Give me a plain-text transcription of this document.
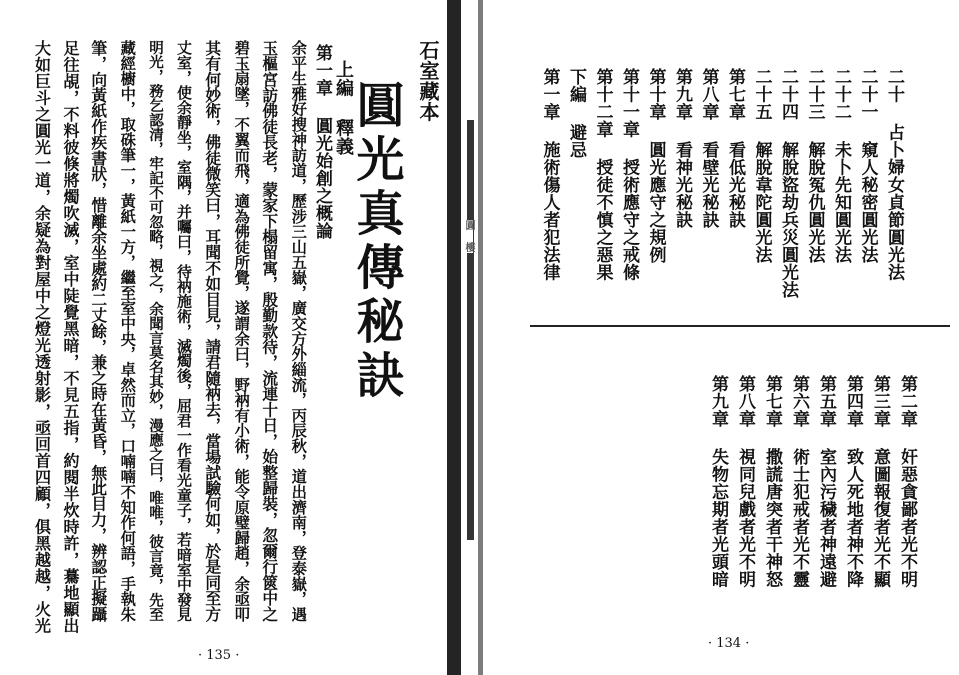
石室藏本
圓光真傳秘訣
上編 釋義
第一章 圓光始創之概論
余平生雅好搜神訪道，歷涉三山五嶽，廣交方外緇流，丙辰秋，道出濟南，登泰嶽，遇
玉樞宮訪佛徒長老，蒙家下榻留寓，殷勤款待，流連十日，始整歸裝，忽爾行篋中之
碧玉扇墜，不翼而飛，適為佛徒所覺，遂謂余曰，野衲有小術，能令原璧歸趙，余亟叩
其有何妙術，佛徒微笑曰，耳聞不如目見，請君隨衲去，當場試驗何如，於是同至方
丈室，使余靜坐，室隅，并囑曰，待衲施術，滅燭後，屈君一作看光童子，若暗室中發見
明光，務乞認清，牢記不可忽略，視之，余聞言莫名其妙，漫應之曰，唯唯，彼言竟，先至
藏經櫥中，取硃筆一，黃紙一方，繼至室中央，卓然而立，口喃喃不知作何語，手執朱
筆，向黃紙作疾書狀，惜離余坐處約二丈餘，兼之時在黃昏，無此目力，辨認正擬躡
足往覘，不料彼倏將燭吹滅，室中陡覺黑暗，不見五指，約閱半炊時許，驀地顯出
大如巨斗之圓光一道，余疑為對屋中之燈光透射影，亟回首四顧，俱黑越越，火光
· 135 ·
圓 樓	二十 占卜婦女貞節圓光法
二十一 窺人秘密圓光法
二十二 未卜先知圓光法
二十三 解脫冤仇圓光法
二十四 解脫盜劫兵災圓光法
二十五 解脫韋陀圓光法
第七章 看低光秘訣
第八章 看壁光秘訣
第九章 看神光秘訣
第十章 圓光應守之規例
第十一章 授術應守之戒條
第十二章 授徒不慎之惡果
下編 避忌
第一章 施術傷人者犯法律
第二章 奸惡貪鄙者光不明
第三章 意圖報復者光不顯
第四章 致人死地者神不降
第五章 室內污穢者神遠避
第六章 術士犯戒者光不靈
第七章 撒謊唐突者干神怒
第八章 視同兒戲者光不明
第九章 失物忘期者光頭暗
· 134 ·
